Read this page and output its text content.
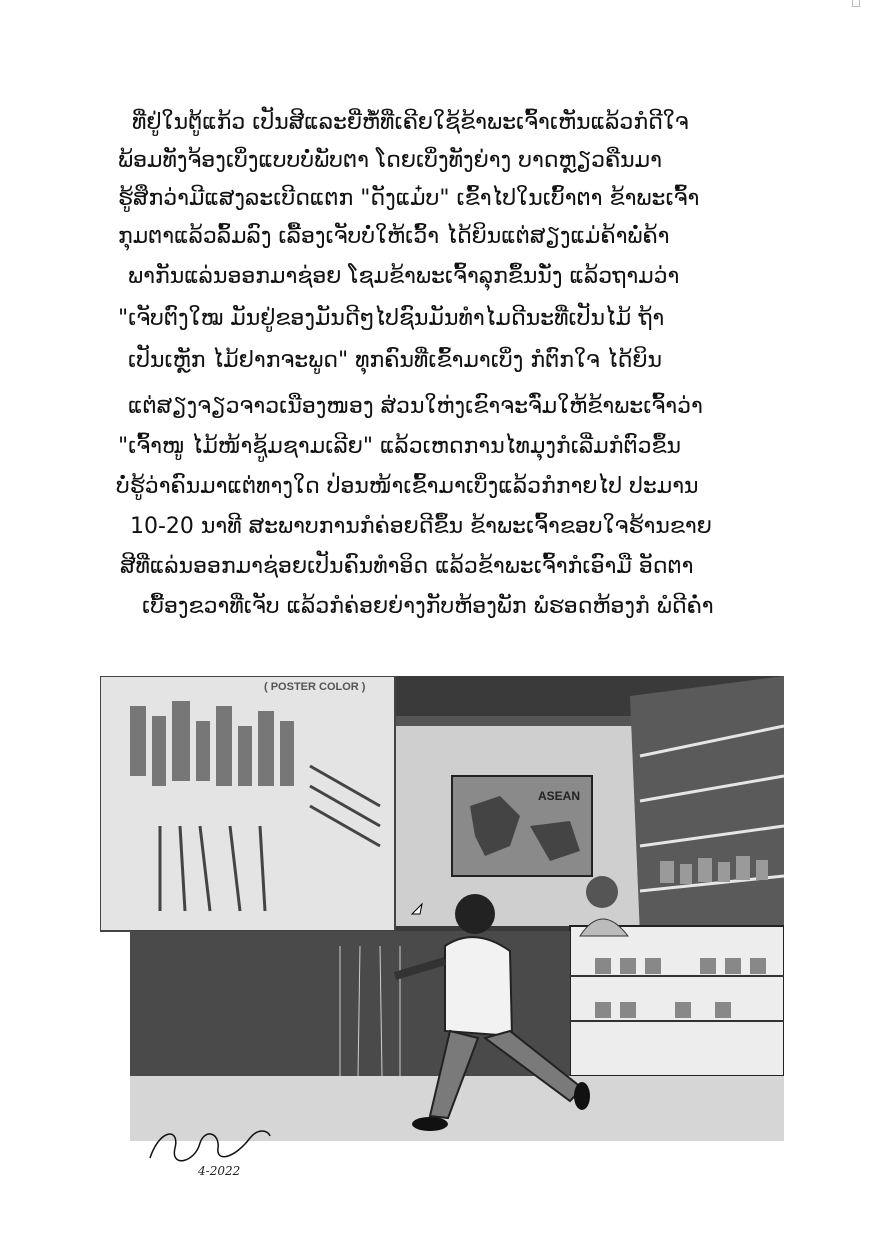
ທີ່ຢູ່ໃນຕູ້ແກ້ວ ເປັນສີແລະຍີ່ຫໍ້ທີ່ເຄີຍໃຊ້ຂ້າພະເຈົ້າເຫັນແລ້ວກໍດີໃຈ
ພ້ອມທັງຈ້ອງເບິ່ງແບບບໍ່ພັບຕາ ໂດຍເບິ່ງທັງຍ່າງ ບາດຫຼຽວຄືນມາ
ຮູ້ສຶກວ່າມີແສງລະເບີດແຕກ "ດັງແມ໋ບ" ເຂົ້າໄປໃນເບົ້າຕາ ຂ້າພະເຈົ້າ
ກຸມຕາແລ້ວລົ້ມລົງ ເລື້ອງເຈັບບໍ່ໃຫ້ເວົ້າ ໄດ້ຍິນແຕ່ສຽງແມ່ຄ້າພໍ່ຄ້າ
ພາກັນແລ່ນອອກມາຊ່ອຍ ໂຊມຂ້າພະເຈົ້າລຸກຂຶ້ນນັ່ງ ແລ້ວຖາມວ່າ
"ເຈັບຕົງໃໝ ມັນຢູ່ຂອງມັນດີໆໄປຊົນມັນທຳໄມດີນະທີ່ເປັນໄມ້ ຖ້າ
ເປັນເຫຼັກ ໄມ້ຢາກຈະພູດ" ທຸກຄົນທີ່ເຂົ້າມາເບິ່ງ ກໍຕົກໃຈ ໄດ້ຍິນ
ແຕ່ສຽງຈຽວຈາວເນືອງໜອງ ສ່ວນໃຫ່ງເຂົາຈະຈົ່ມໃຫ້ຂ້າພະເຈົ້າວ່າ
"ເຈົ້າໜູ ໄມ້ໜ້າຊູ້ມຊາມເລີຍ" ແລ້ວເຫດການໄທມຸງກໍເລີ່ມກໍຕົວຂຶ້ນ
ບໍ່ຮູ້ວ່າຄົນມາແຕ່ທາງໃດ ປ່ອນໜ້າເຂົ້າມາເບິ່ງແລ້ວກໍກາຍໄປ ປະມານ
10-20 ນາທີ ສະພາບການກໍຄ່ອຍດີຂຶ້ນ ຂ້າພະເຈົ້າຂອບໃຈຮ້ານຂາຍ
ສີທີ່ແລ່ນອອກມາຊ່ອຍເປັນຄົນທຳອິດ ແລ້ວຂ້າພະເຈົ້າກໍເອົາມື ອັດຕາ
ເບື້ອງຂວາທີ່ເຈັບ ແລ້ວກໍຄ່ອຍຍ່າງກັບຫ້ອງພັກ ພໍຮອດຫ້ອງກໍ ພໍດີຄໍ່າ
ASEAN
( POSTER COLOR )
4-2022
